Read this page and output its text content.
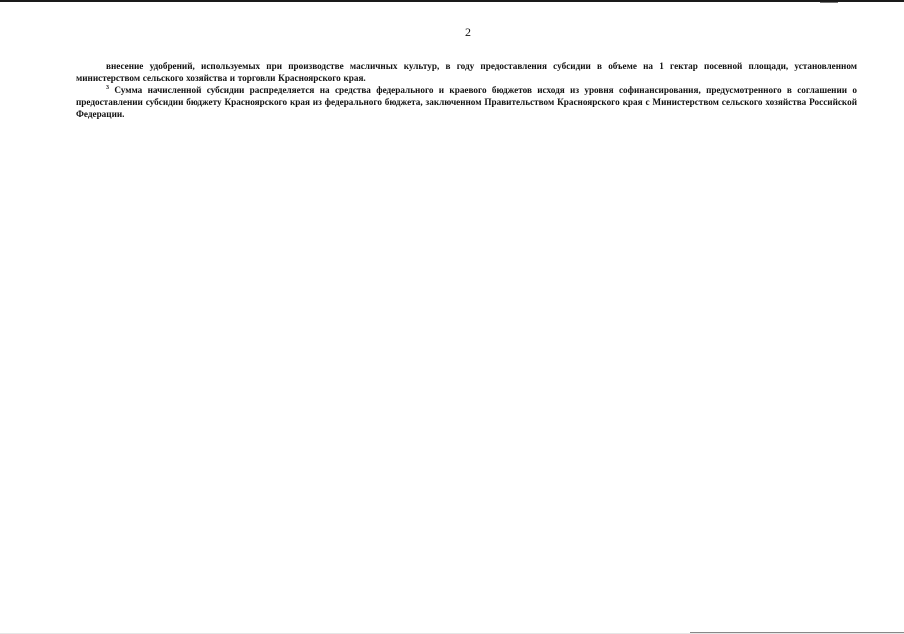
2

внесение удобрений, используемых при производстве масличных культур, в году предоставления субсидии в объеме на 1 гектар посевной площади, установленном министерством сельского хозяйства и торговли Красноярского края.

$^3$ Сумма начисленной субсидии распределяется на средства федерального и краевого бюджетов исходя из уровня софинансирования, предусмотренного в соглашении о предоставлении субсидии бюджету Красноярского края из федерального бюджета, заключенном Правительством Красноярского края с Министерством сельского хозяйства Российской Федерации.
